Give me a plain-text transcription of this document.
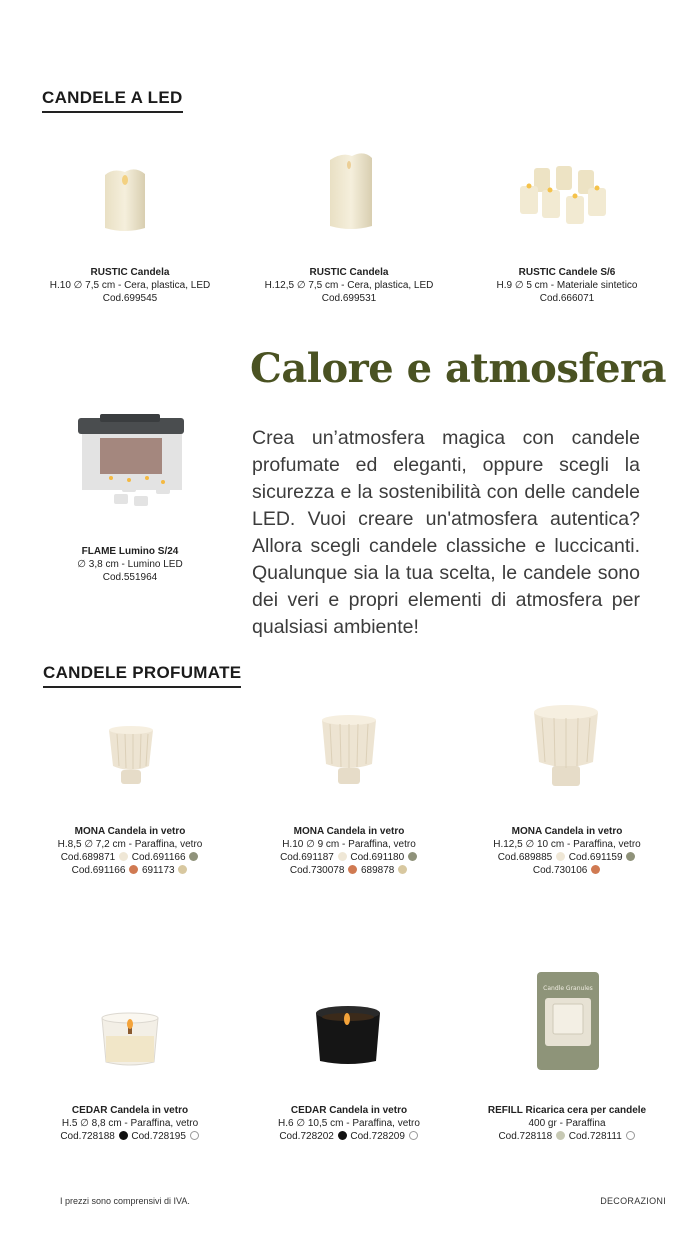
CANDELE A LED
RUSTIC Candela
H.10 ∅ 7,5 cm - Cera, plastica, LED
Cod.699545
RUSTIC Candela
H.12,5 ∅ 7,5 cm - Cera, plastica, LED
Cod.699531
RUSTIC Candele S/6
H.9 ∅ 5 cm - Materiale sintetico
Cod.666071
FLAME Lumino S/24
∅ 3,8 cm - Lumino LED
Cod.551964
Calore e atmosfera
Crea un’atmosfera magica con candele profumate ed eleganti, oppure scegli la sicurezza e la sostenibilità con delle candele LED. Vuoi creare un'atmosfera autentica? Allora scegli candele classiche e luccicanti. Qualunque sia la tua scelta, le candele sono dei veri e propri elementi di atmosfera per qualsiasi ambiente!
CANDELE PROFUMATE
MONA Candela in vetro
H.8,5 ∅ 7,2 cm - Paraffina, vetro
Cod.689871 Cod.691166
Cod.691166 691173
MONA Candela in vetro
H.10 ∅ 9 cm - Paraffina, vetro
Cod.691187 Cod.691180
Cod.730078 689878
MONA Candela in vetro
H.12,5 ∅ 10 cm - Paraffina, vetro
Cod.689885 Cod.691159
Cod.730106
Candle Granules
CEDAR Candela in vetro
H.5 ∅ 8,8 cm - Paraffina, vetro
Cod.728188 Cod.728195
CEDAR Candela in vetro
H.6 ∅ 10,5 cm - Paraffina, vetro
Cod.728202 Cod.728209
REFILL Ricarica cera per candele
400 gr - Paraffina
Cod.728118 Cod.728111
I prezzi sono comprensivi di IVA.	DECORAZIONI
